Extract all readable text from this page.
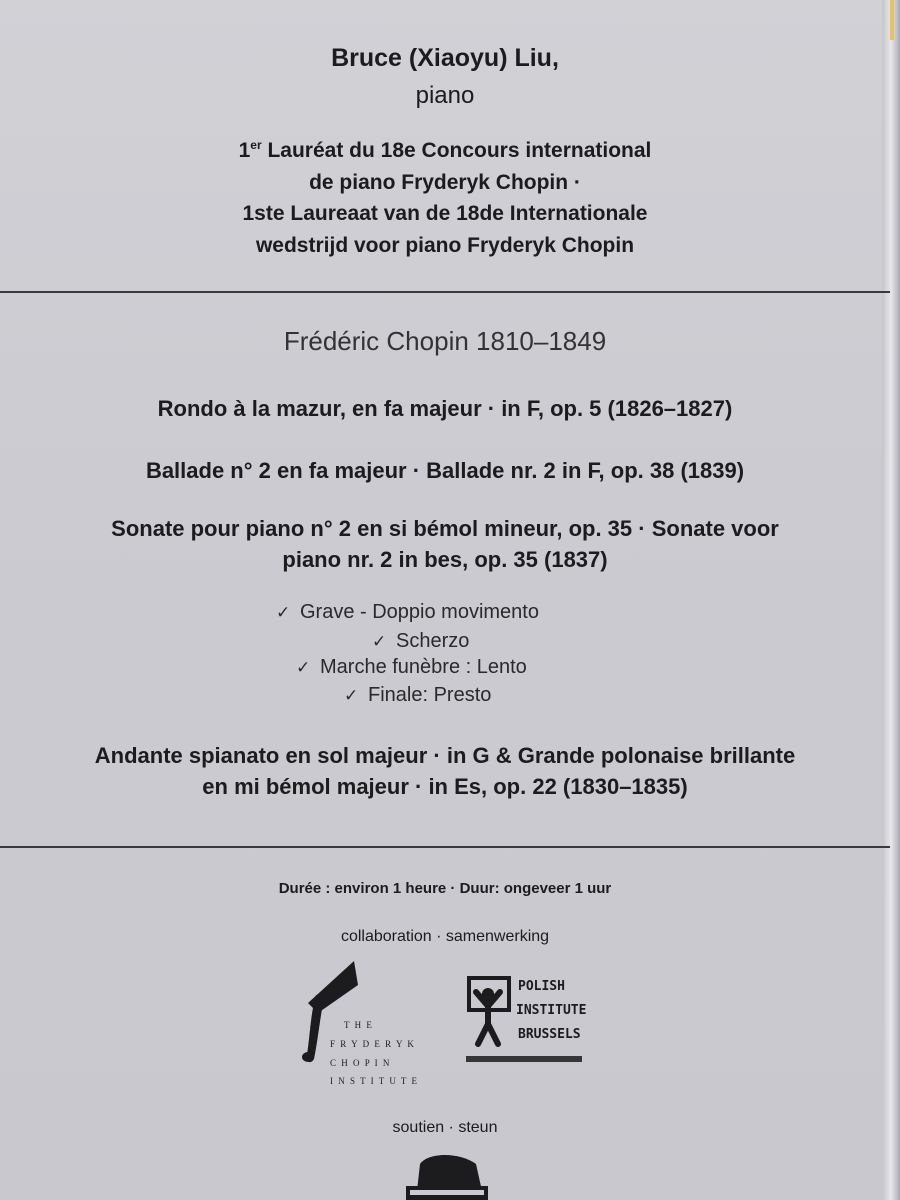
Bruce (Xiaoyu) Liu,
piano
1er Lauréat du 18e Concours international
de piano Fryderyk Chopin ·
1ste Laureaat van de 18de Internationale
wedstrijd voor piano Fryderyk Chopin
Frédéric Chopin 1810–1849
Rondo à la mazur, en fa majeur · in F, op. 5 (1826–1827)
Ballade n° 2 en fa majeur · Ballade nr. 2 in F, op. 38 (1839)
Sonate pour piano n° 2 en si bémol mineur, op. 35 · Sonate voor
piano nr. 2 in bes, op. 35 (1837)
✓ Grave - Doppio movimento
✓ Scherzo
✓ Marche funèbre : Lento
✓ Finale: Presto
Andante spianato en sol majeur · in G & Grande polonaise brillante
en mi bémol majeur · in Es, op. 22 (1830–1835)
Durée : environ 1 heure · Duur: ongeveer 1 uur
collaboration · samenwerking
T H E
F R Y D E R Y K
C H O P I N
I N S T I T U T E
POLISH
INSTITUTE
BRUSSELS
soutien · steun
